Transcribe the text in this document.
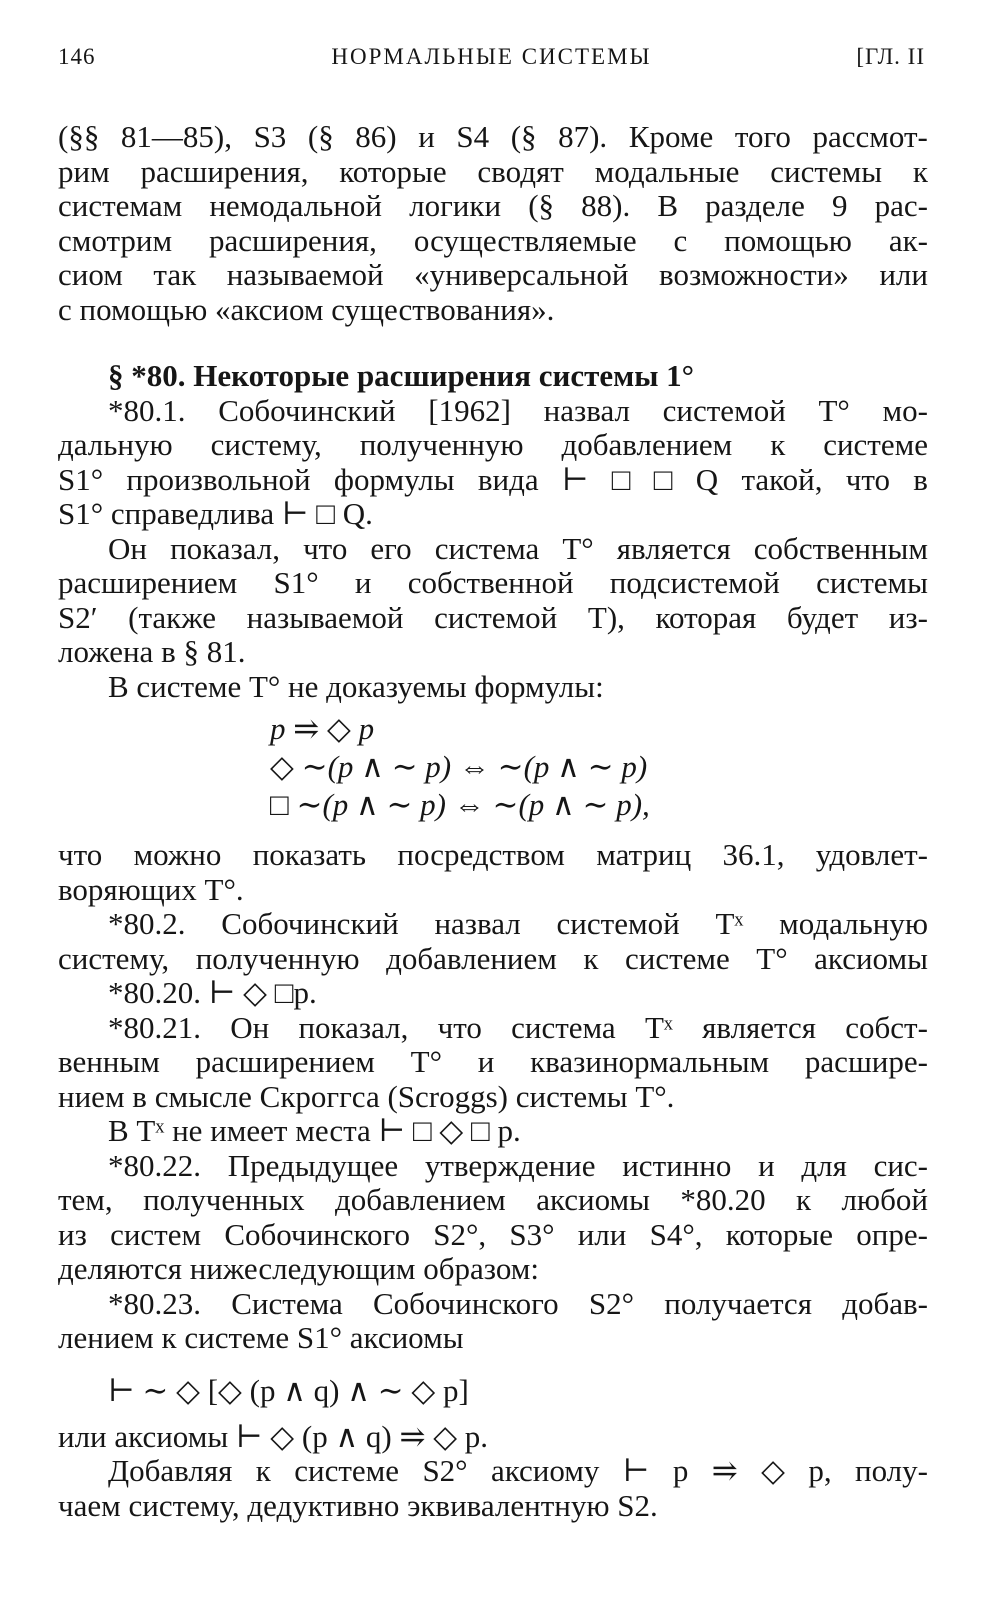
146	НОРМАЛЬНЫЕ СИСТЕМЫ	[ГЛ. II
(§§ 81—85), S3 (§ 86) и S4 (§ 87). Кроме того рассмот-
рим расширения, которые сводят модальные системы к
системам немодальной логики (§ 88). В разделе 9 рас-
смотрим расширения, осуществляемые с помощью ак-
сиом так называемой «универсальной возможности» или
с помощью «аксиом существования».
§ *80. Некоторые расширения системы 1°
*80.1. Собочинский [1962] назвал системой T° мо-
дальную систему, полученную добавлением к системе
S1° произвольной формулы вида ⊢ □ □ Q такой, что в
S1° справедлива ⊢ □ Q.
Он показал, что его система T° является собственным
расширением S1° и собственной подсистемой системы
S2′ (также называемой системой T), которая будет из-
ложена в § 81.
В системе T° не доказуемы формулы:
p ⥤ ◇ p
◇ ∼(p ∧ ∼ p) ⇔ ∼(p ∧ ∼ p)
□ ∼(p ∧ ∼ p) ⇔ ∼(p ∧ ∼ p),
что можно показать посредством матриц 36.1, удовлет-
воряющих T°.
*80.2. Собочинский назвал системой Tˣ модальную
систему, полученную добавлением к системе T° аксиомы
*80.20. ⊢ ◇ □p.
*80.21. Он показал, что система Tˣ является собст-
венным расширением T° и квазинормальным расшире-
нием в смысле Скроггса (Scroggs) системы T°.
В Tˣ не имеет места ⊢ □ ◇ □ p.
*80.22. Предыдущее утверждение истинно и для сис-
тем, полученных добавлением аксиомы *80.20 к любой
из систем Собочинского S2°, S3° или S4°, которые опре-
деляются нижеследующим образом:
*80.23. Система Собочинского S2° получается добав-
лением к системе S1° аксиомы
⊢ ∼ ◇ [◇ (p ∧ q) ∧ ∼ ◇ p]
или аксиомы ⊢ ◇ (p ∧ q) ⥤ ◇ p.
Добавляя к системе S2° аксиому ⊢ p ⥤ ◇ p, полу-
чаем систему, дедуктивно эквивалентную S2.
